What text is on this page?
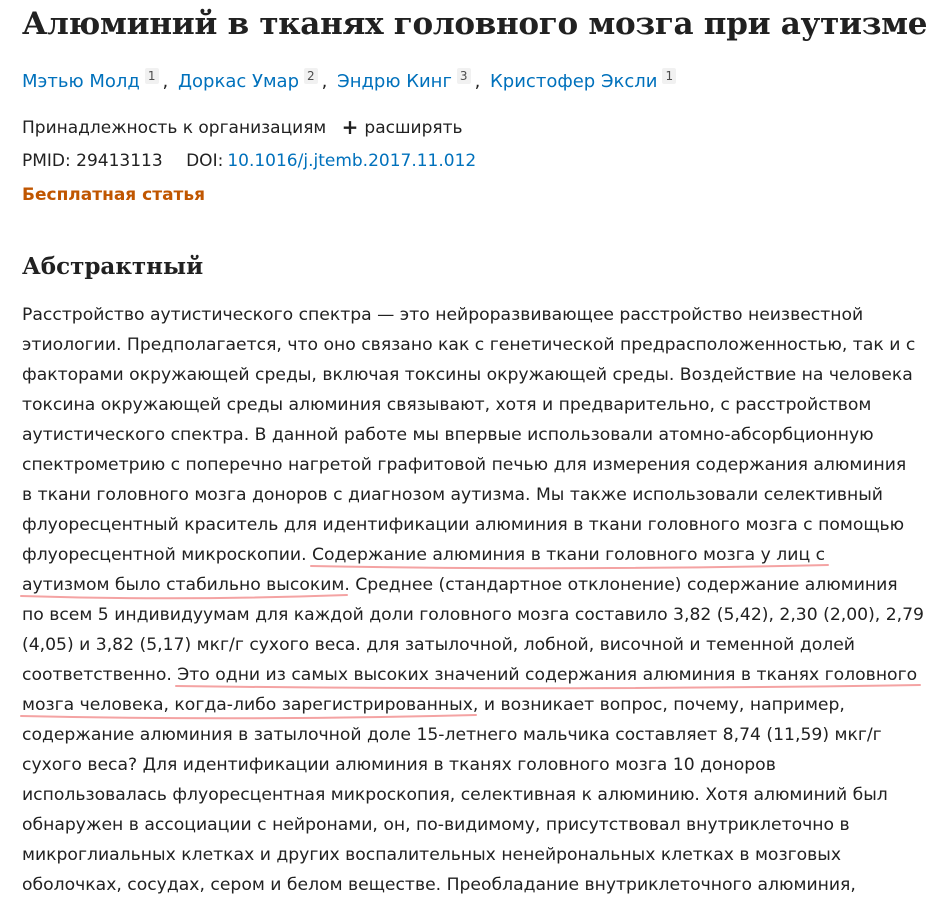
Алюминий в тканях головного мозга при аутизме
Мэтью Молд 1 , Доркас Умар 2 , Эндрю Кинг 3 , Кристофер Эксли 1
Принадлежность к организациям + расширять
PMID: 29413113 DOI: 10.1016/j.jtemb.2017.11.012
Бесплатная статья
Абстрактный
Расстройство аутистического спектра — это нейроразвивающее расстройство неизвестной
этиологии. Предполагается, что оно связано как с генетической предрасположенностью, так и с
факторами окружающей среды, включая токсины окружающей среды. Воздействие на человека
токсина окружающей среды алюминия связывают, хотя и предварительно, с расстройством
аутистического спектра. В данной работе мы впервые использовали атомно-абсорбционную
спектрометрию с поперечно нагретой графитовой печью для измерения содержания алюминия
в ткани головного мозга доноров с диагнозом аутизма. Мы также использовали селективный
флуоресцентный краситель для идентификации алюминия в ткани головного мозга с помощью
флуоресцентной микроскопии. Содержание алюминия в ткани головного мозга у лиц с
аутизмом было стабильно высоким
. Среднее (стандартное отклонение) содержание алюминия
по всем 5 индивидуумам для каждой доли головного мозга составило 3,82 (5,42), 2,30 (2,00), 2,79
(4,05) и 3,82 (5,17) мкг/г сухого веса. для затылочной, лобной, височной и теменной долей
соответственно. Это одни из самых высоких значений содержания алюминия в тканях головного
мозга человека, когда-либо зарегистрированных
, и возникает вопрос, почему, например,
содержание алюминия в затылочной доле 15-летнего мальчика составляет 8,74 (11,59) мкг/г
сухого веса? Для идентификации алюминия в тканях головного мозга 10 доноров
использовалась флуоресцентная микроскопия, селективная к алюминию. Хотя алюминий был
обнаружен в ассоциации с нейронами, он, по-видимому, присутствовал внутриклеточно в
микроглиальных клетках и других воспалительных ненейрональных клетках в мозговых
оболочках, сосудах, сером и белом веществе. Преобладание внутриклеточного алюминия,
